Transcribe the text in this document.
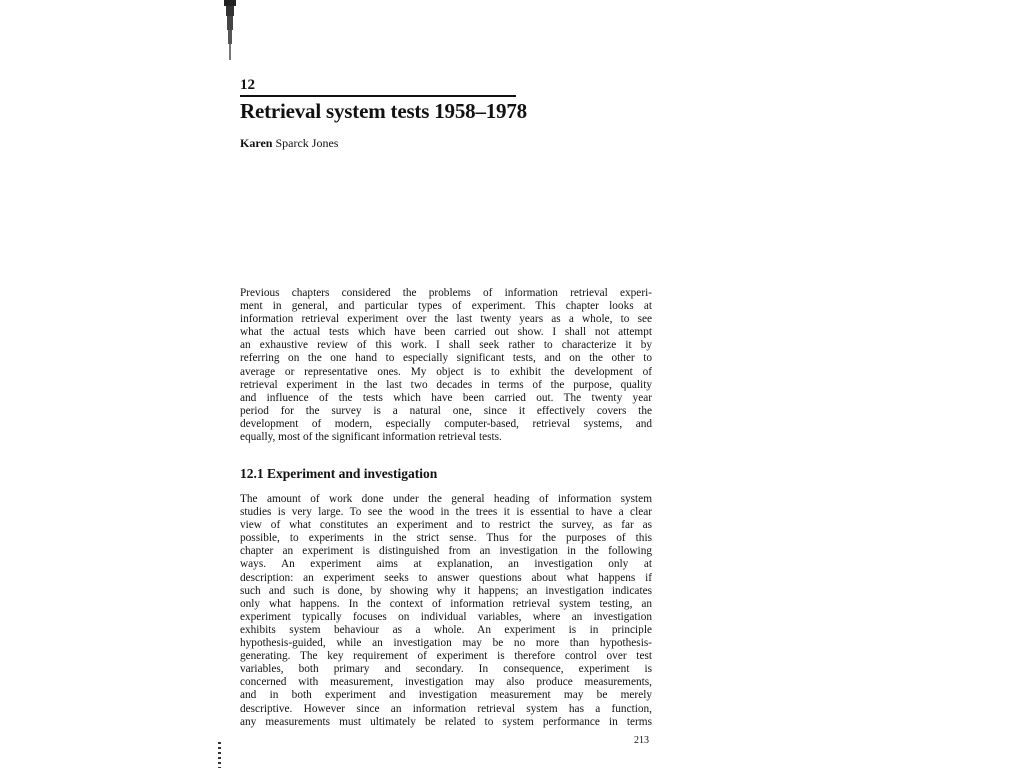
12
Retrieval system tests 1958–1978
Karen Sparck Jones
Previous chapters considered the problems of information retrieval experi-
ment in general, and particular types of experiment. This chapter looks at
information retrieval experiment over the last twenty years as a whole, to see
what the actual tests which have been carried out show. I shall not attempt
an exhaustive review of this work. I shall seek rather to characterize it by
referring on the one hand to especially significant tests, and on the other to
average or representative ones. My object is to exhibit the development of
retrieval experiment in the last two decades in terms of the purpose, quality
and influence of the tests which have been carried out. The twenty year
period for the survey is a natural one, since it effectively covers the
development of modern, especially computer-based, retrieval systems, and
equally, most of the significant information retrieval tests.
12.1 Experiment and investigation
The amount of work done under the general heading of information system
studies is very large. To see the wood in the trees it is essential to have a clear
view of what constitutes an experiment and to restrict the survey, as far as
possible, to experiments in the strict sense. Thus for the purposes of this
chapter an experiment is distinguished from an investigation in the following
ways. An experiment aims at explanation, an investigation only at
description: an experiment seeks to answer questions about what happens if
such and such is done, by showing why it happens; an investigation indicates
only what happens. In the context of information retrieval system testing, an
experiment typically focuses on individual variables, where an investigation
exhibits system behaviour as a whole. An experiment is in principle
hypothesis-guided, while an investigation may be no more than hypothesis-
generating. The key requirement of experiment is therefore control over test
variables, both primary and secondary. In consequence, experiment is
concerned with measurement, investigation may also produce measurements,
and in both experiment and investigation measurement may be merely
descriptive. However since an information retrieval system has a function,
any measurements must ultimately be related to system performance in terms
213
